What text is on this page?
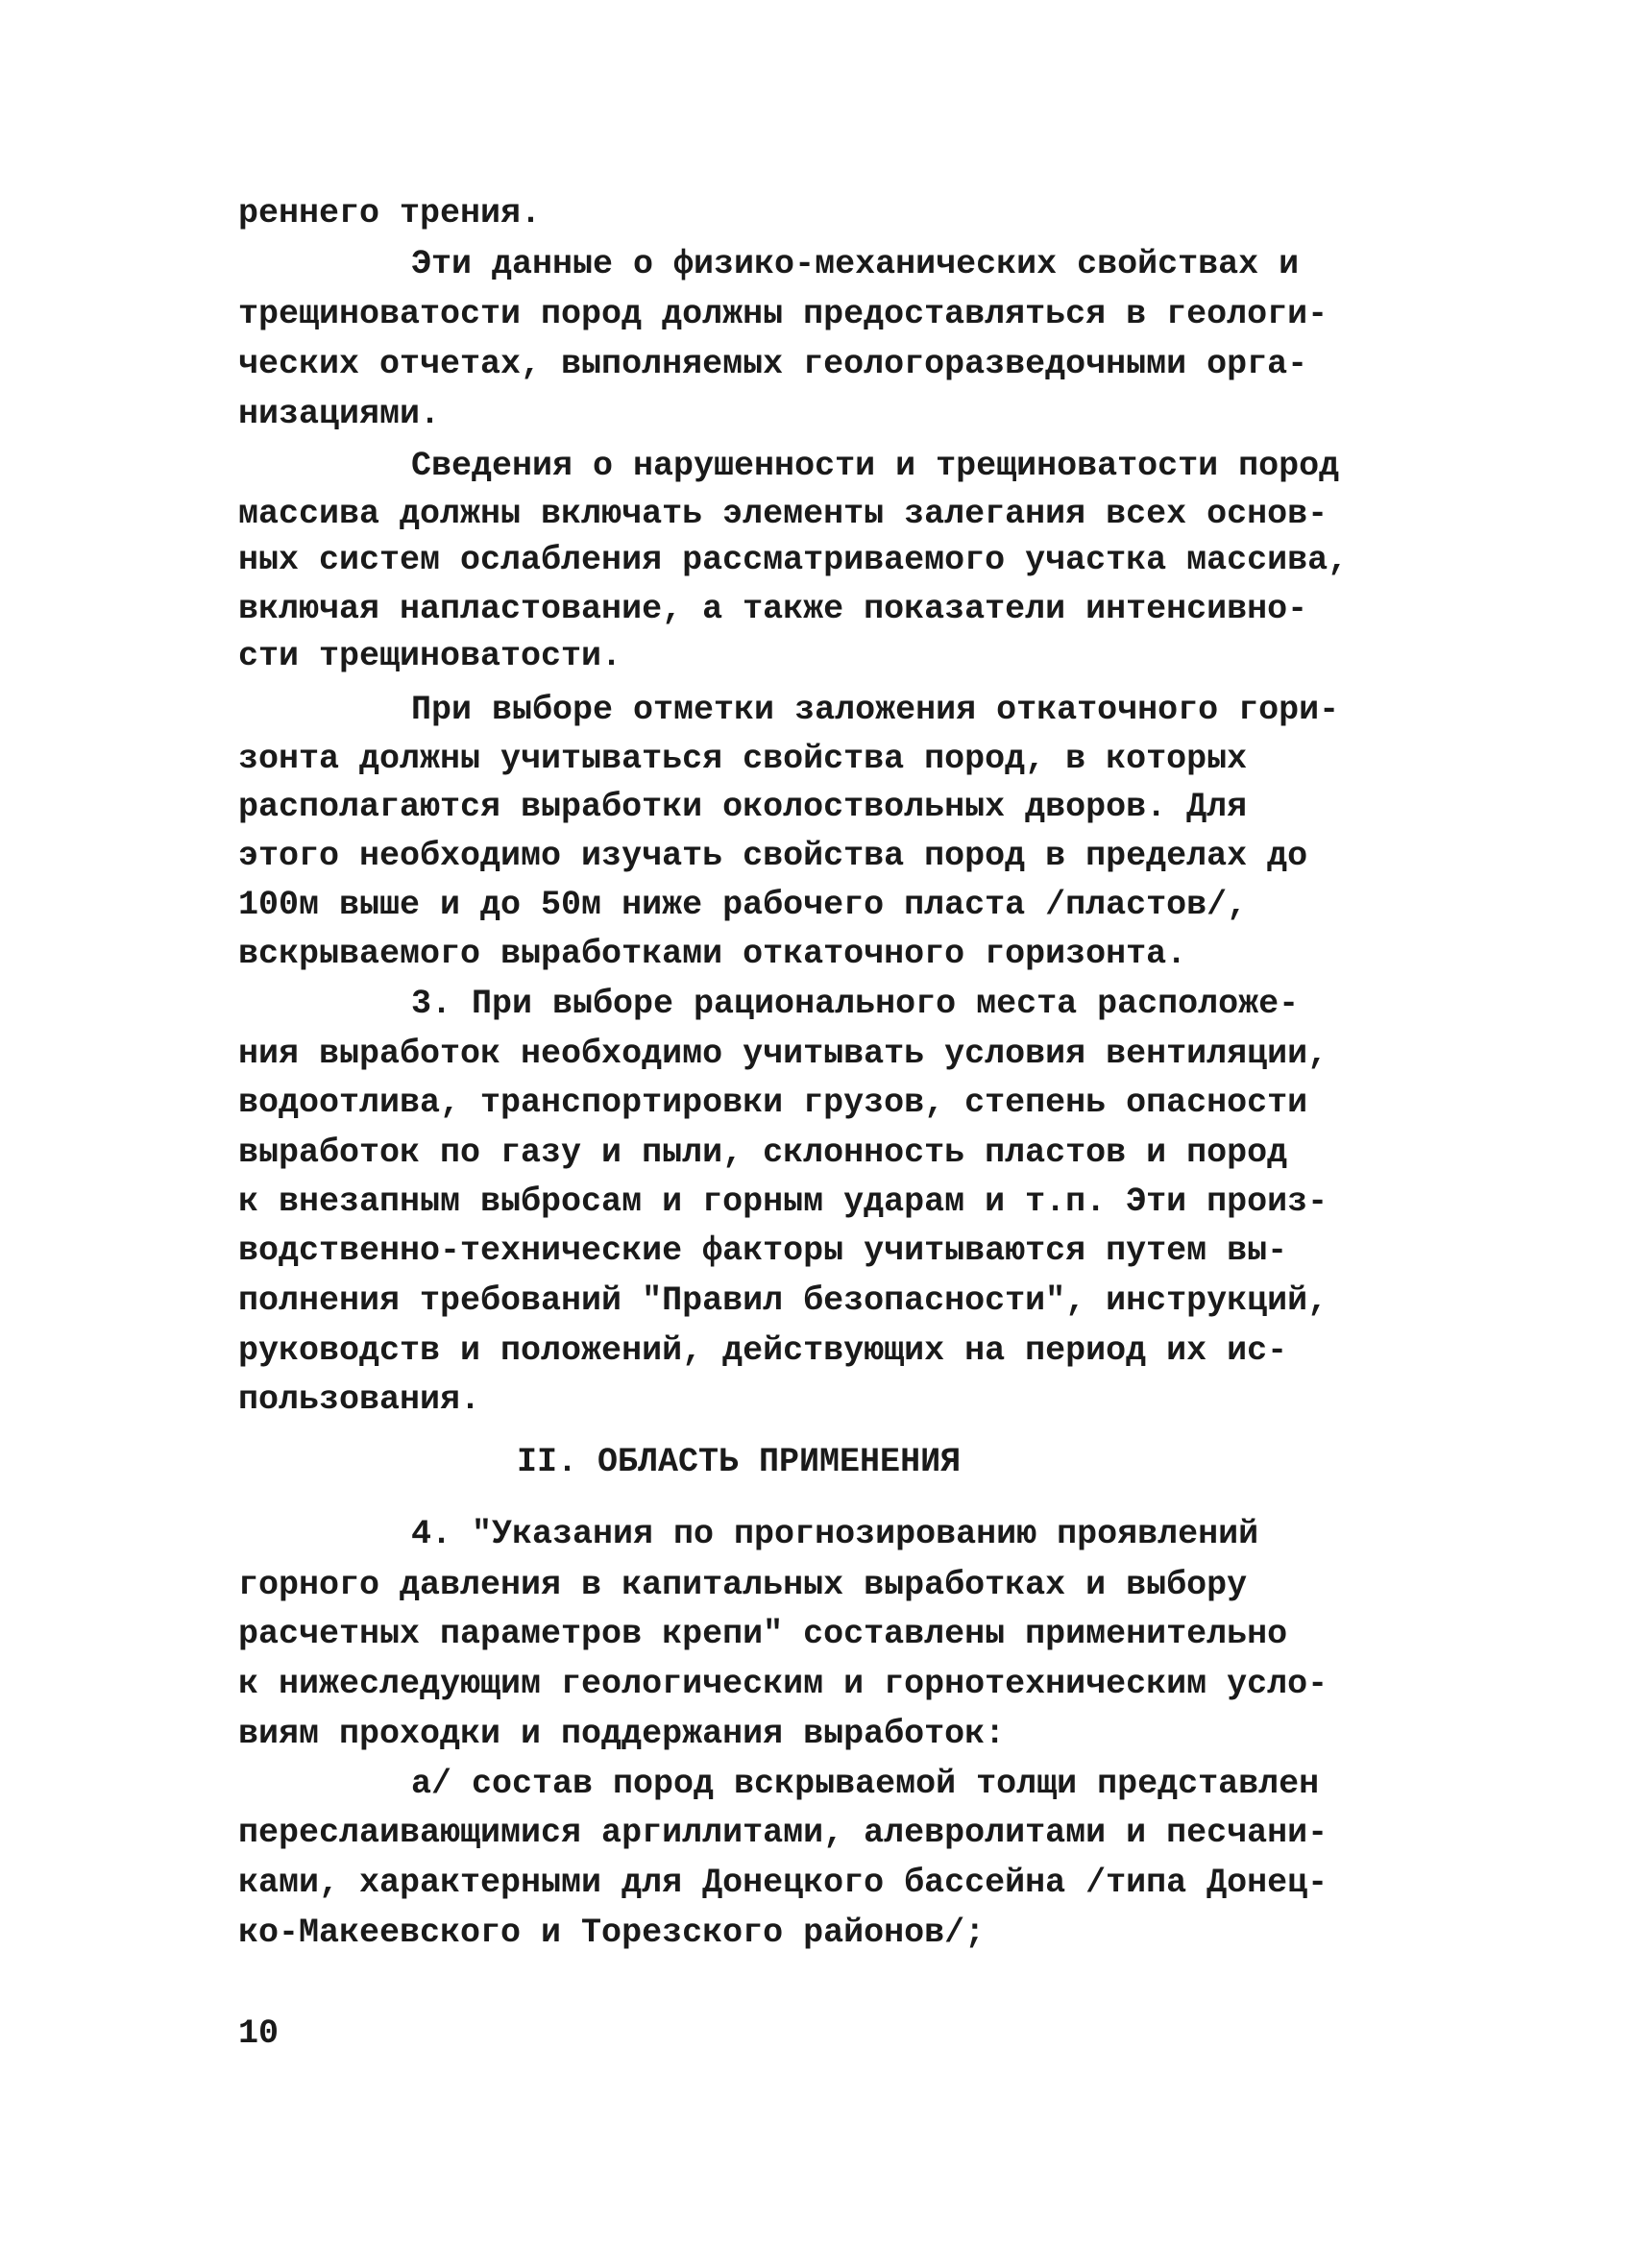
реннего трения.
Эти данные о физико-механических свойствах и
трещиноватости пород должны предоставляться в геологи-
ческих отчетах, выполняемых геологоразведочными орга-
низациями.
Сведения о нарушенности и трещиноватости пород
массива должны включать элементы залегания всех основ-
ных систем ослабления рассматриваемого участка массива,
включая напластование, а также показатели интенсивно-
сти трещиноватости.
При выборе отметки заложения откаточного гори-
зонта должны учитываться свойства пород, в которых
располагаются выработки околоствольных дворов. Для
этого необходимо изучать свойства пород в пределах до
100м выше и до 50м ниже рабочего пласта /пластов/,
вскрываемого выработками откаточного горизонта.
3. При выборе рационального места расположе-
ния выработок необходимо учитывать условия вентиляции,
водоотлива, транспортировки грузов, степень опасности
выработок по газу и пыли, склонность пластов и пород
к внезапным выбросам и горным ударам и т.п. Эти произ-
водственно-технические факторы учитываются путем вы-
полнения требований "Правил безопасности", инструкций,
руководств и положений, действующих на период их ис-
пользования.
II. ОБЛАСТЬ ПРИМЕНЕНИЯ
4. "Указания по прогнозированию проявлений
горного давления в капитальных выработках и выбору
расчетных параметров крепи" составлены применительно
к нижеследующим геологическим и горнотехническим усло-
виям проходки и поддержания выработок:
а/ состав пород вскрываемой толщи представлен
переслаивающимися аргиллитами, алевролитами и песчани-
ками, характерными для Донецкого бассейна /типа Донец-
ко-Макеевского и Торезского районов/;
10
